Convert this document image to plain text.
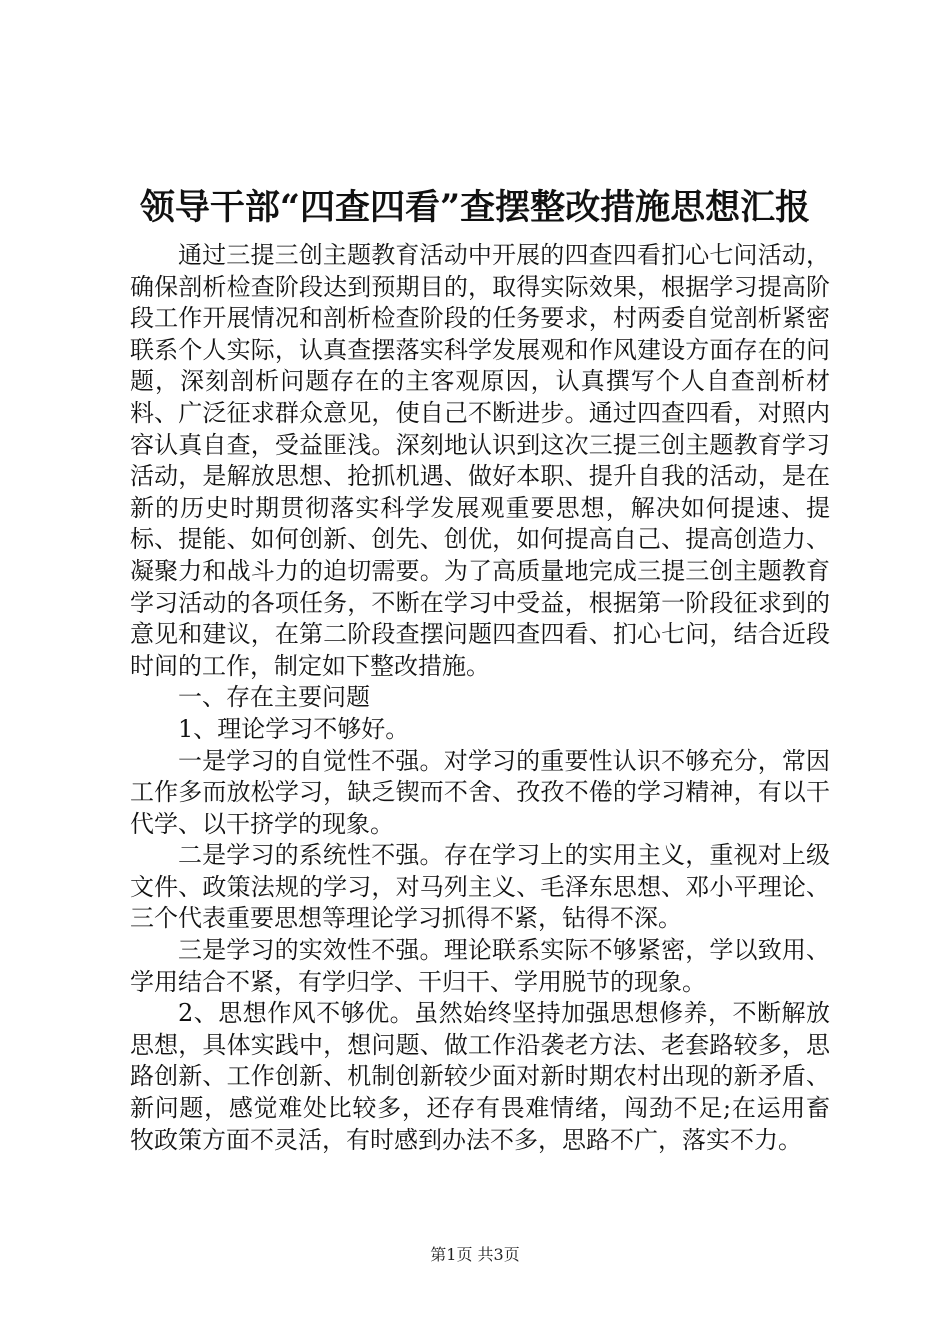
领导干部“四查四看”查摆整改措施思想汇报

通过三提三创主题教育活动中开展的四查四看扪心七问活动，确保剖析检查阶段达到预期目的，取得实际效果，根据学习提高阶段工作开展情况和剖析检查阶段的任务要求，村两委自觉剖析紧密联系个人实际，认真查摆落实科学发展观和作风建设方面存在的问题，深刻剖析问题存在的主客观原因，认真撰写个人自查剖析材料、广泛征求群众意见，使自己不断进步。通过四查四看，对照内容认真自查，受益匪浅。深刻地认识到这次三提三创主题教育学习活动，是解放思想、抢抓机遇、做好本职、提升自我的活动，是在新的历史时期贯彻落实科学发展观重要思想，解决如何提速、提标、提能、如何创新、创先、创优，如何提高自己、提高创造力、凝聚力和战斗力的迫切需要。为了高质量地完成三提三创主题教育学习活动的各项任务，不断在学习中受益，根据第一阶段征求到的意见和建议，在第二阶段查摆问题四查四看、扪心七问，结合近段时间的工作，制定如下整改措施。

一、存在主要问题

1、理论学习不够好。

一是学习的自觉性不强。对学习的重要性认识不够充分，常因工作多而放松学习，缺乏锲而不舍、孜孜不倦的学习精神，有以干代学、以干挤学的现象。

二是学习的系统性不强。存在学习上的实用主义，重视对上级文件、政策法规的学习，对马列主义、毛泽东思想、邓小平理论、三个代表重要思想等理论学习抓得不紧，钻得不深。

三是学习的实效性不强。理论联系实际不够紧密，学以致用、学用结合不紧，有学归学、干归干、学用脱节的现象。

2、思想作风不够优。虽然始终坚持加强思想修养，不断解放思想，具体实践中，想问题、做工作沿袭老方法、老套路较多，思路创新、工作创新、机制创新较少面对新时期农村出现的新矛盾、新问题，感觉难处比较多，还存有畏难情绪，闯劲不足;在运用畜牧政策方面不灵活，有时感到办法不多，思路不广，落实不力。

第1页 共3页
